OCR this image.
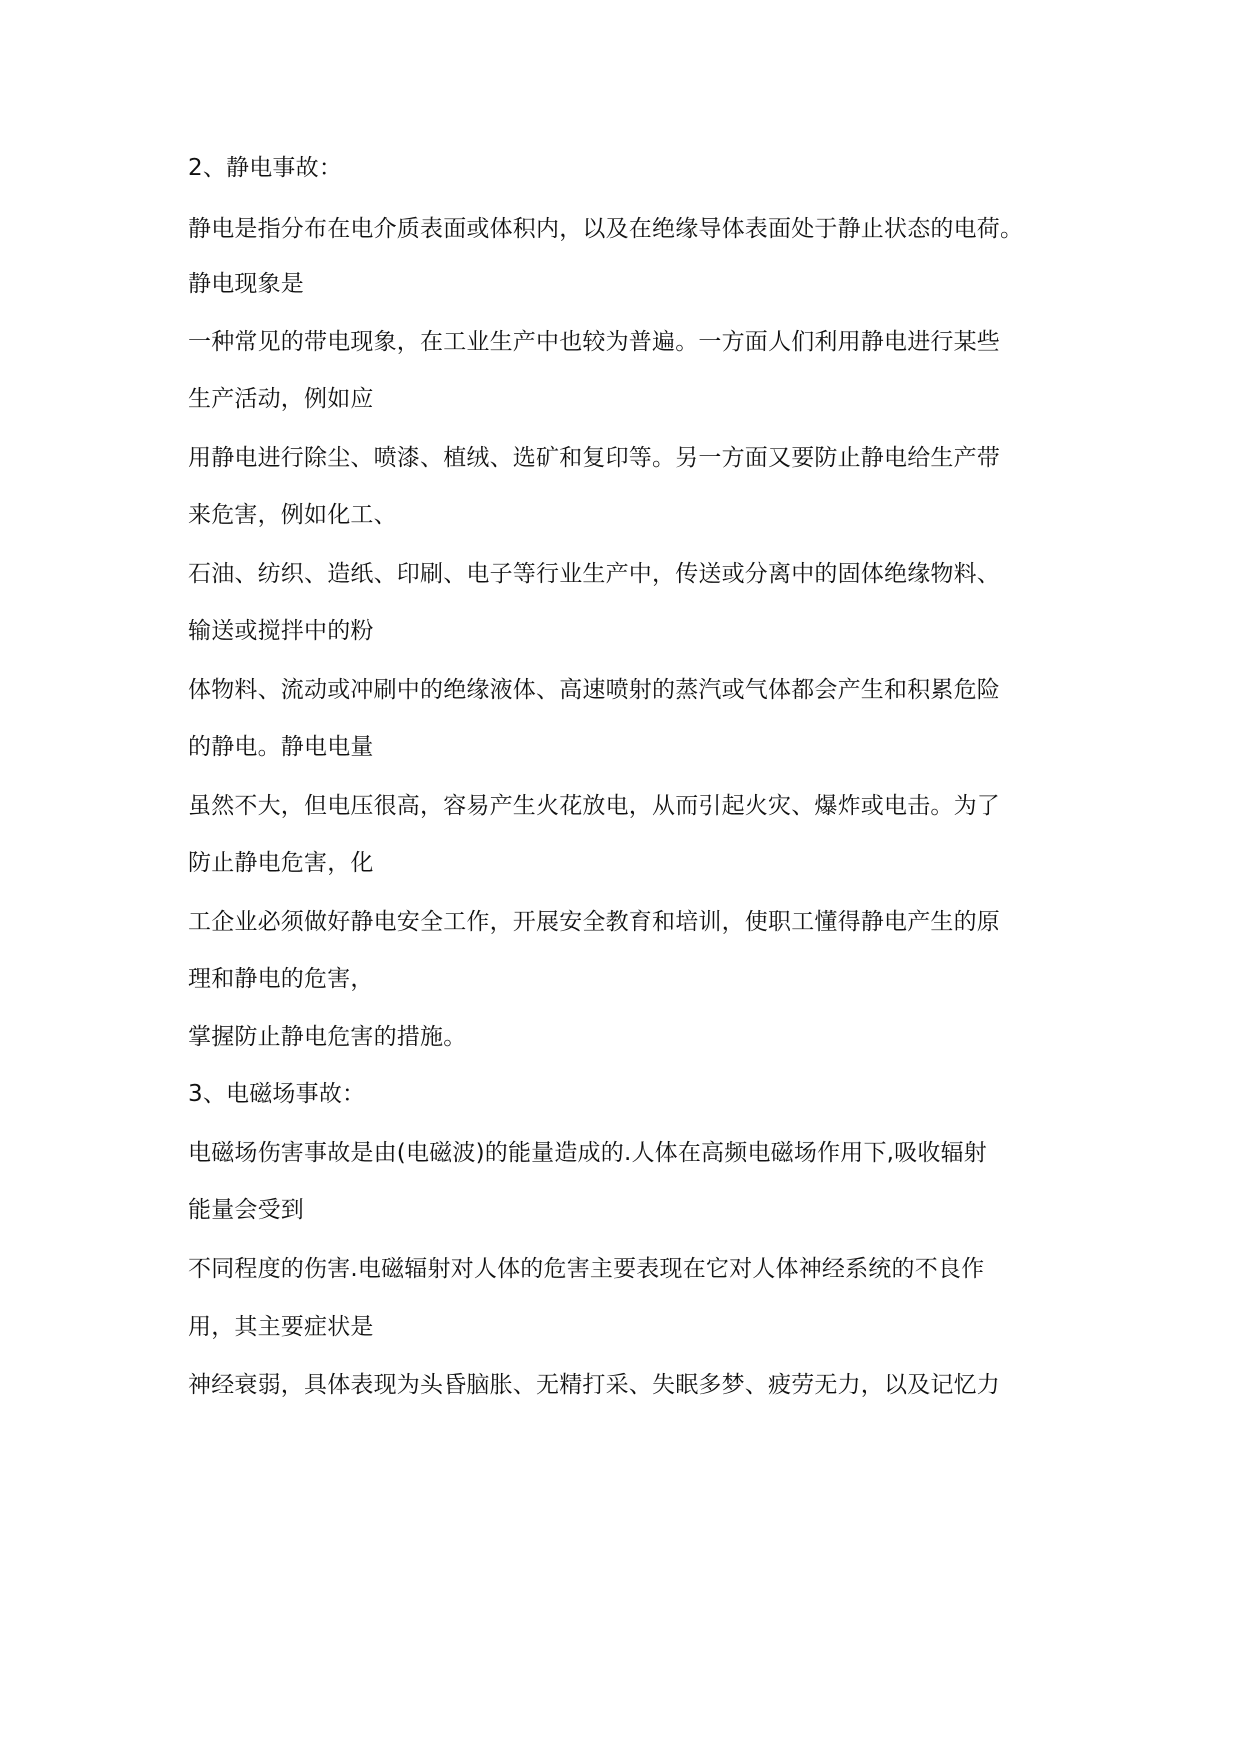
2、静电事故：
静电是指分布在电介质表面或体积内，以及在绝缘导体表面处于静止状态的电荷。
静电现象是
一种常见的带电现象，在工业生产中也较为普遍。一方面人们利用静电进行某些
生产活动，例如应
用静电进行除尘、喷漆、植绒、选矿和复印等。另一方面又要防止静电给生产带
来危害，例如化工、
石油、纺织、造纸、印刷、电子等行业生产中，传送或分离中的固体绝缘物料、
输送或搅拌中的粉
体物料、流动或冲刷中的绝缘液体、高速喷射的蒸汽或气体都会产生和积累危险
的静电。静电电量
虽然不大，但电压很高，容易产生火花放电，从而引起火灾、爆炸或电击。为了
防止静电危害，化
工企业必须做好静电安全工作，开展安全教育和培训，使职工懂得静电产生的原
理和静电的危害，
掌握防止静电危害的措施。
3、电磁场事故：
电磁场伤害事故是由(电磁波)的能量造成的.人体在高频电磁场作用下,吸收辐射
能量会受到
不同程度的伤害.电磁辐射对人体的危害主要表现在它对人体神经系统的不良作
用，其主要症状是
神经衰弱，具体表现为头昏脑胀、无精打采、失眠多梦、疲劳无力，以及记忆力
